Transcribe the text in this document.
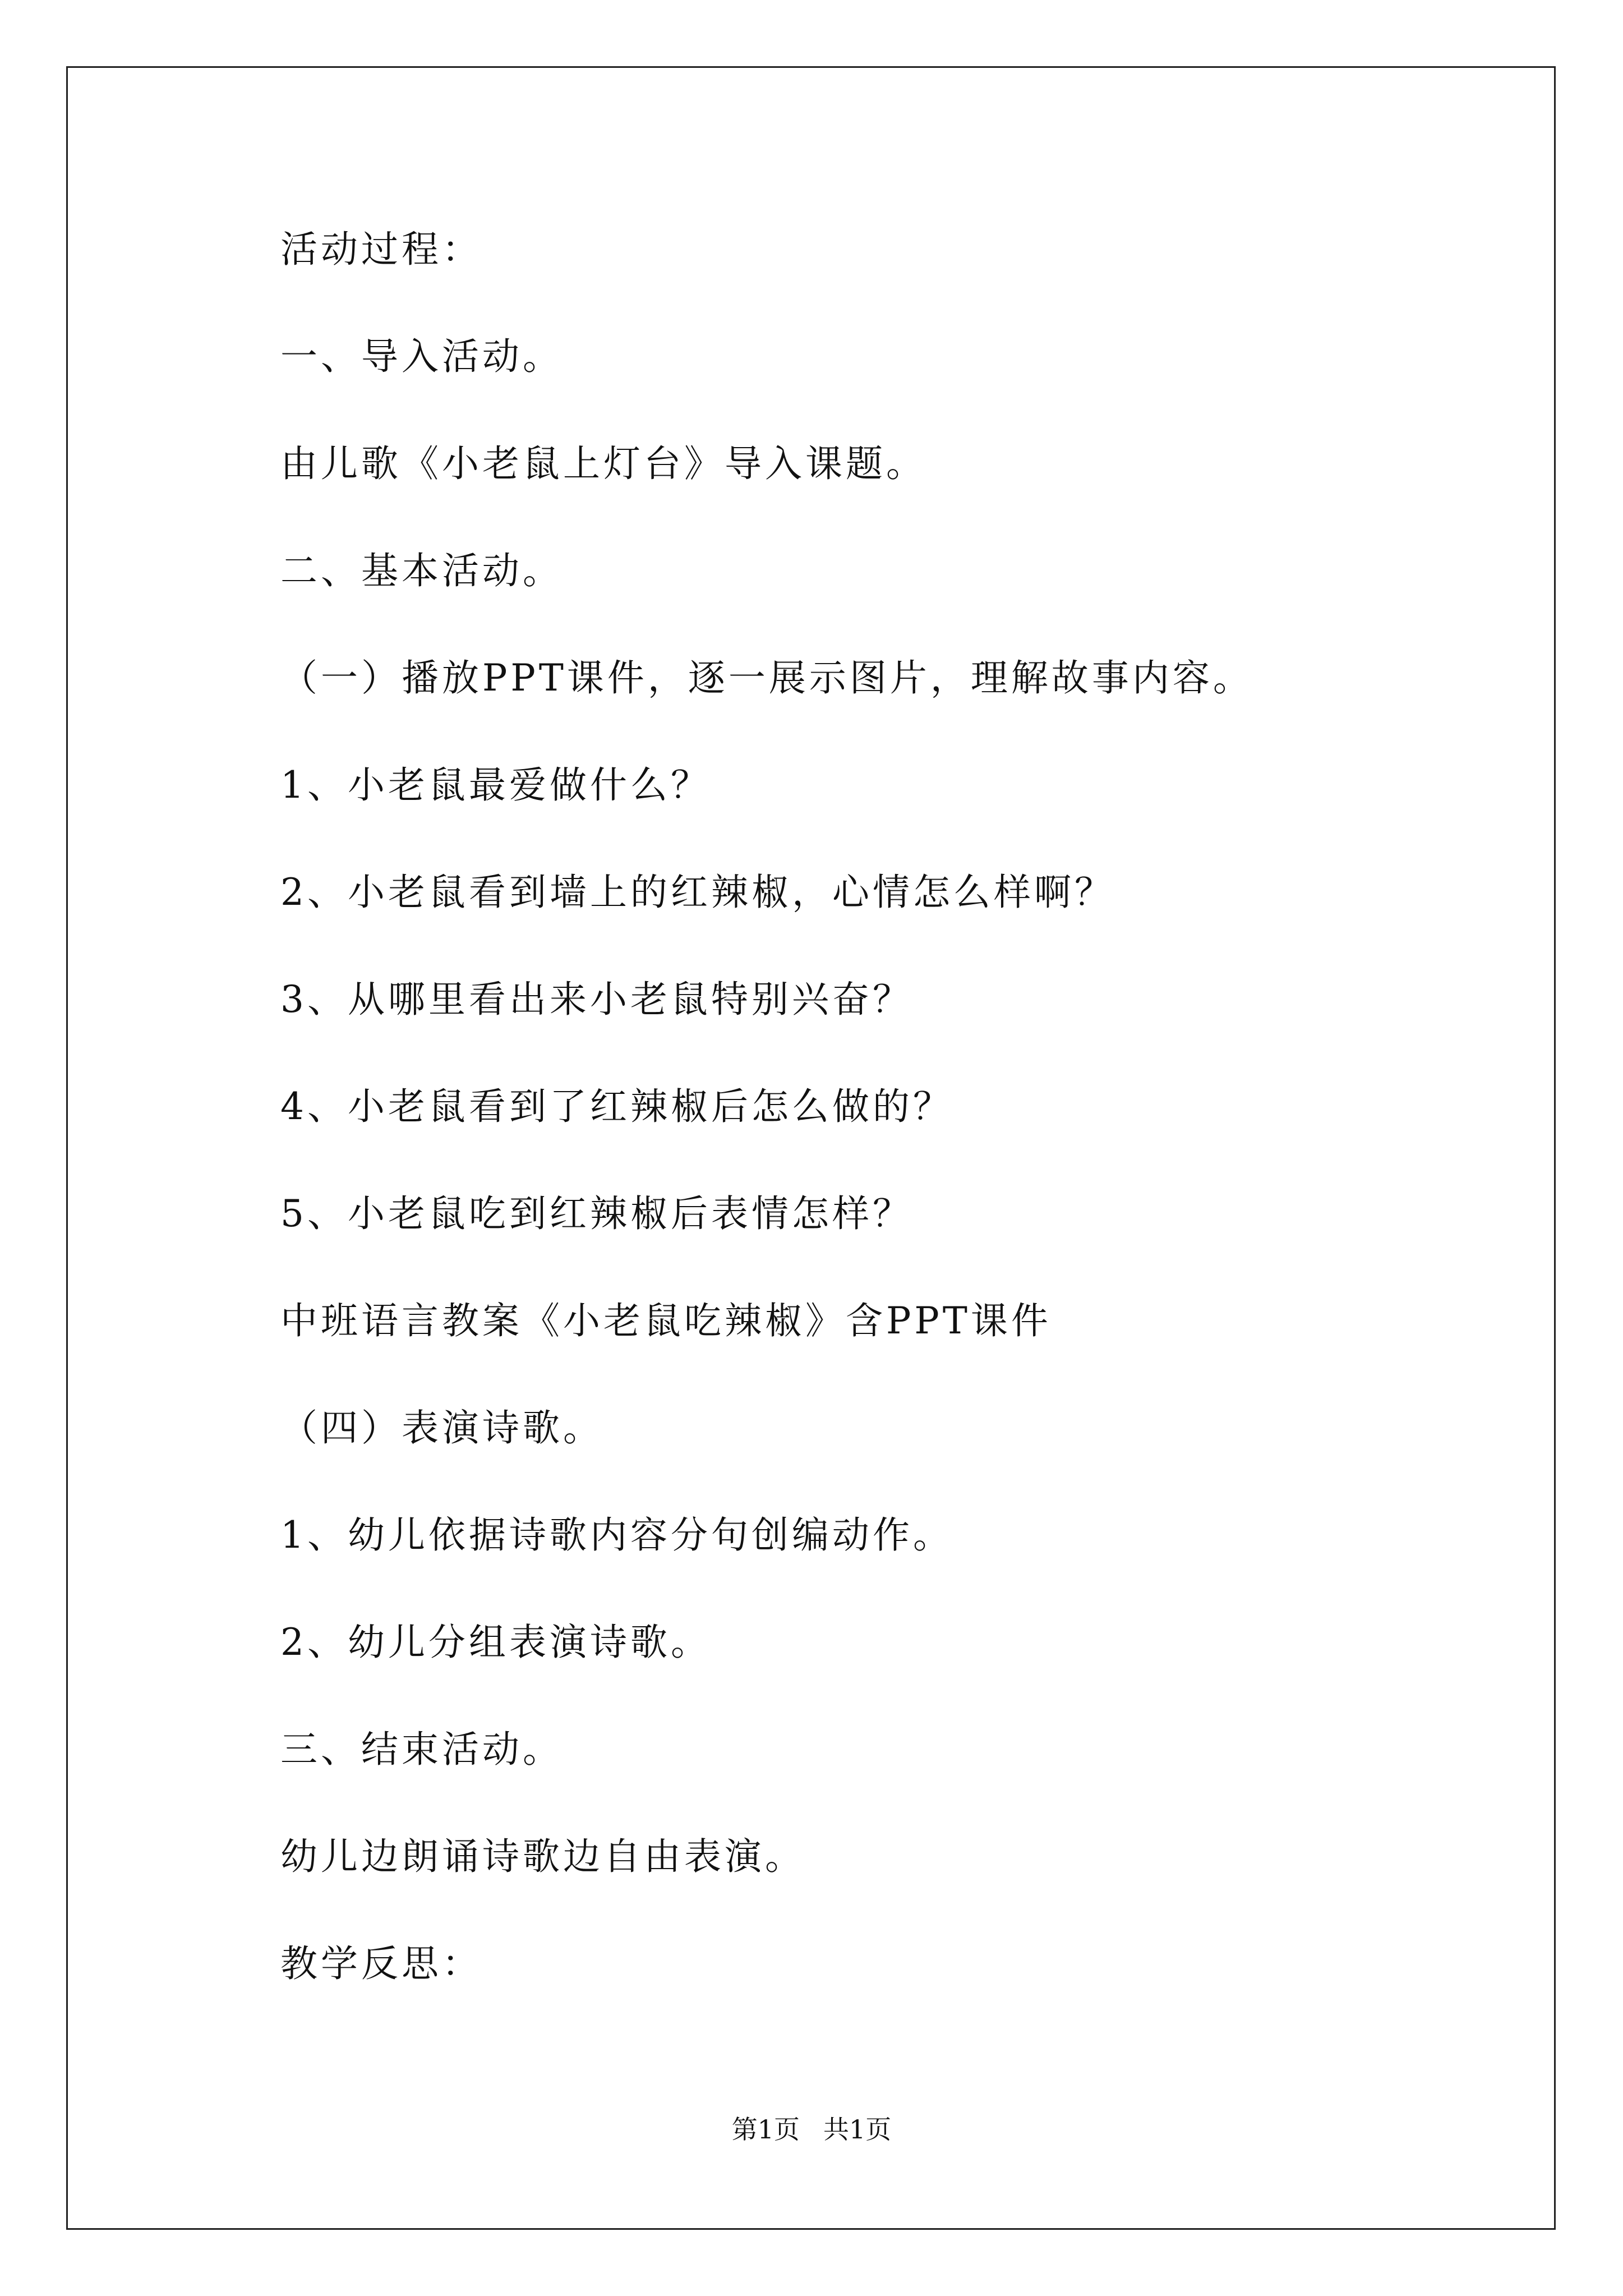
活动过程：
一、导入活动。
由儿歌《小老鼠上灯台》导入课题。
二、基本活动。
（一）播放PPT课件，逐一展示图片，理解故事内容。
1、小老鼠最爱做什么？
2、小老鼠看到墙上的红辣椒，心情怎么样啊？
3、从哪里看出来小老鼠特别兴奋？
4、小老鼠看到了红辣椒后怎么做的？
5、小老鼠吃到红辣椒后表情怎样？
中班语言教案《小老鼠吃辣椒》含PPT课件
（四）表演诗歌。
1、幼儿依据诗歌内容分句创编动作。
2、幼儿分组表演诗歌。
三、结束活动。
幼儿边朗诵诗歌边自由表演。
教学反思：
第1页 共1页
